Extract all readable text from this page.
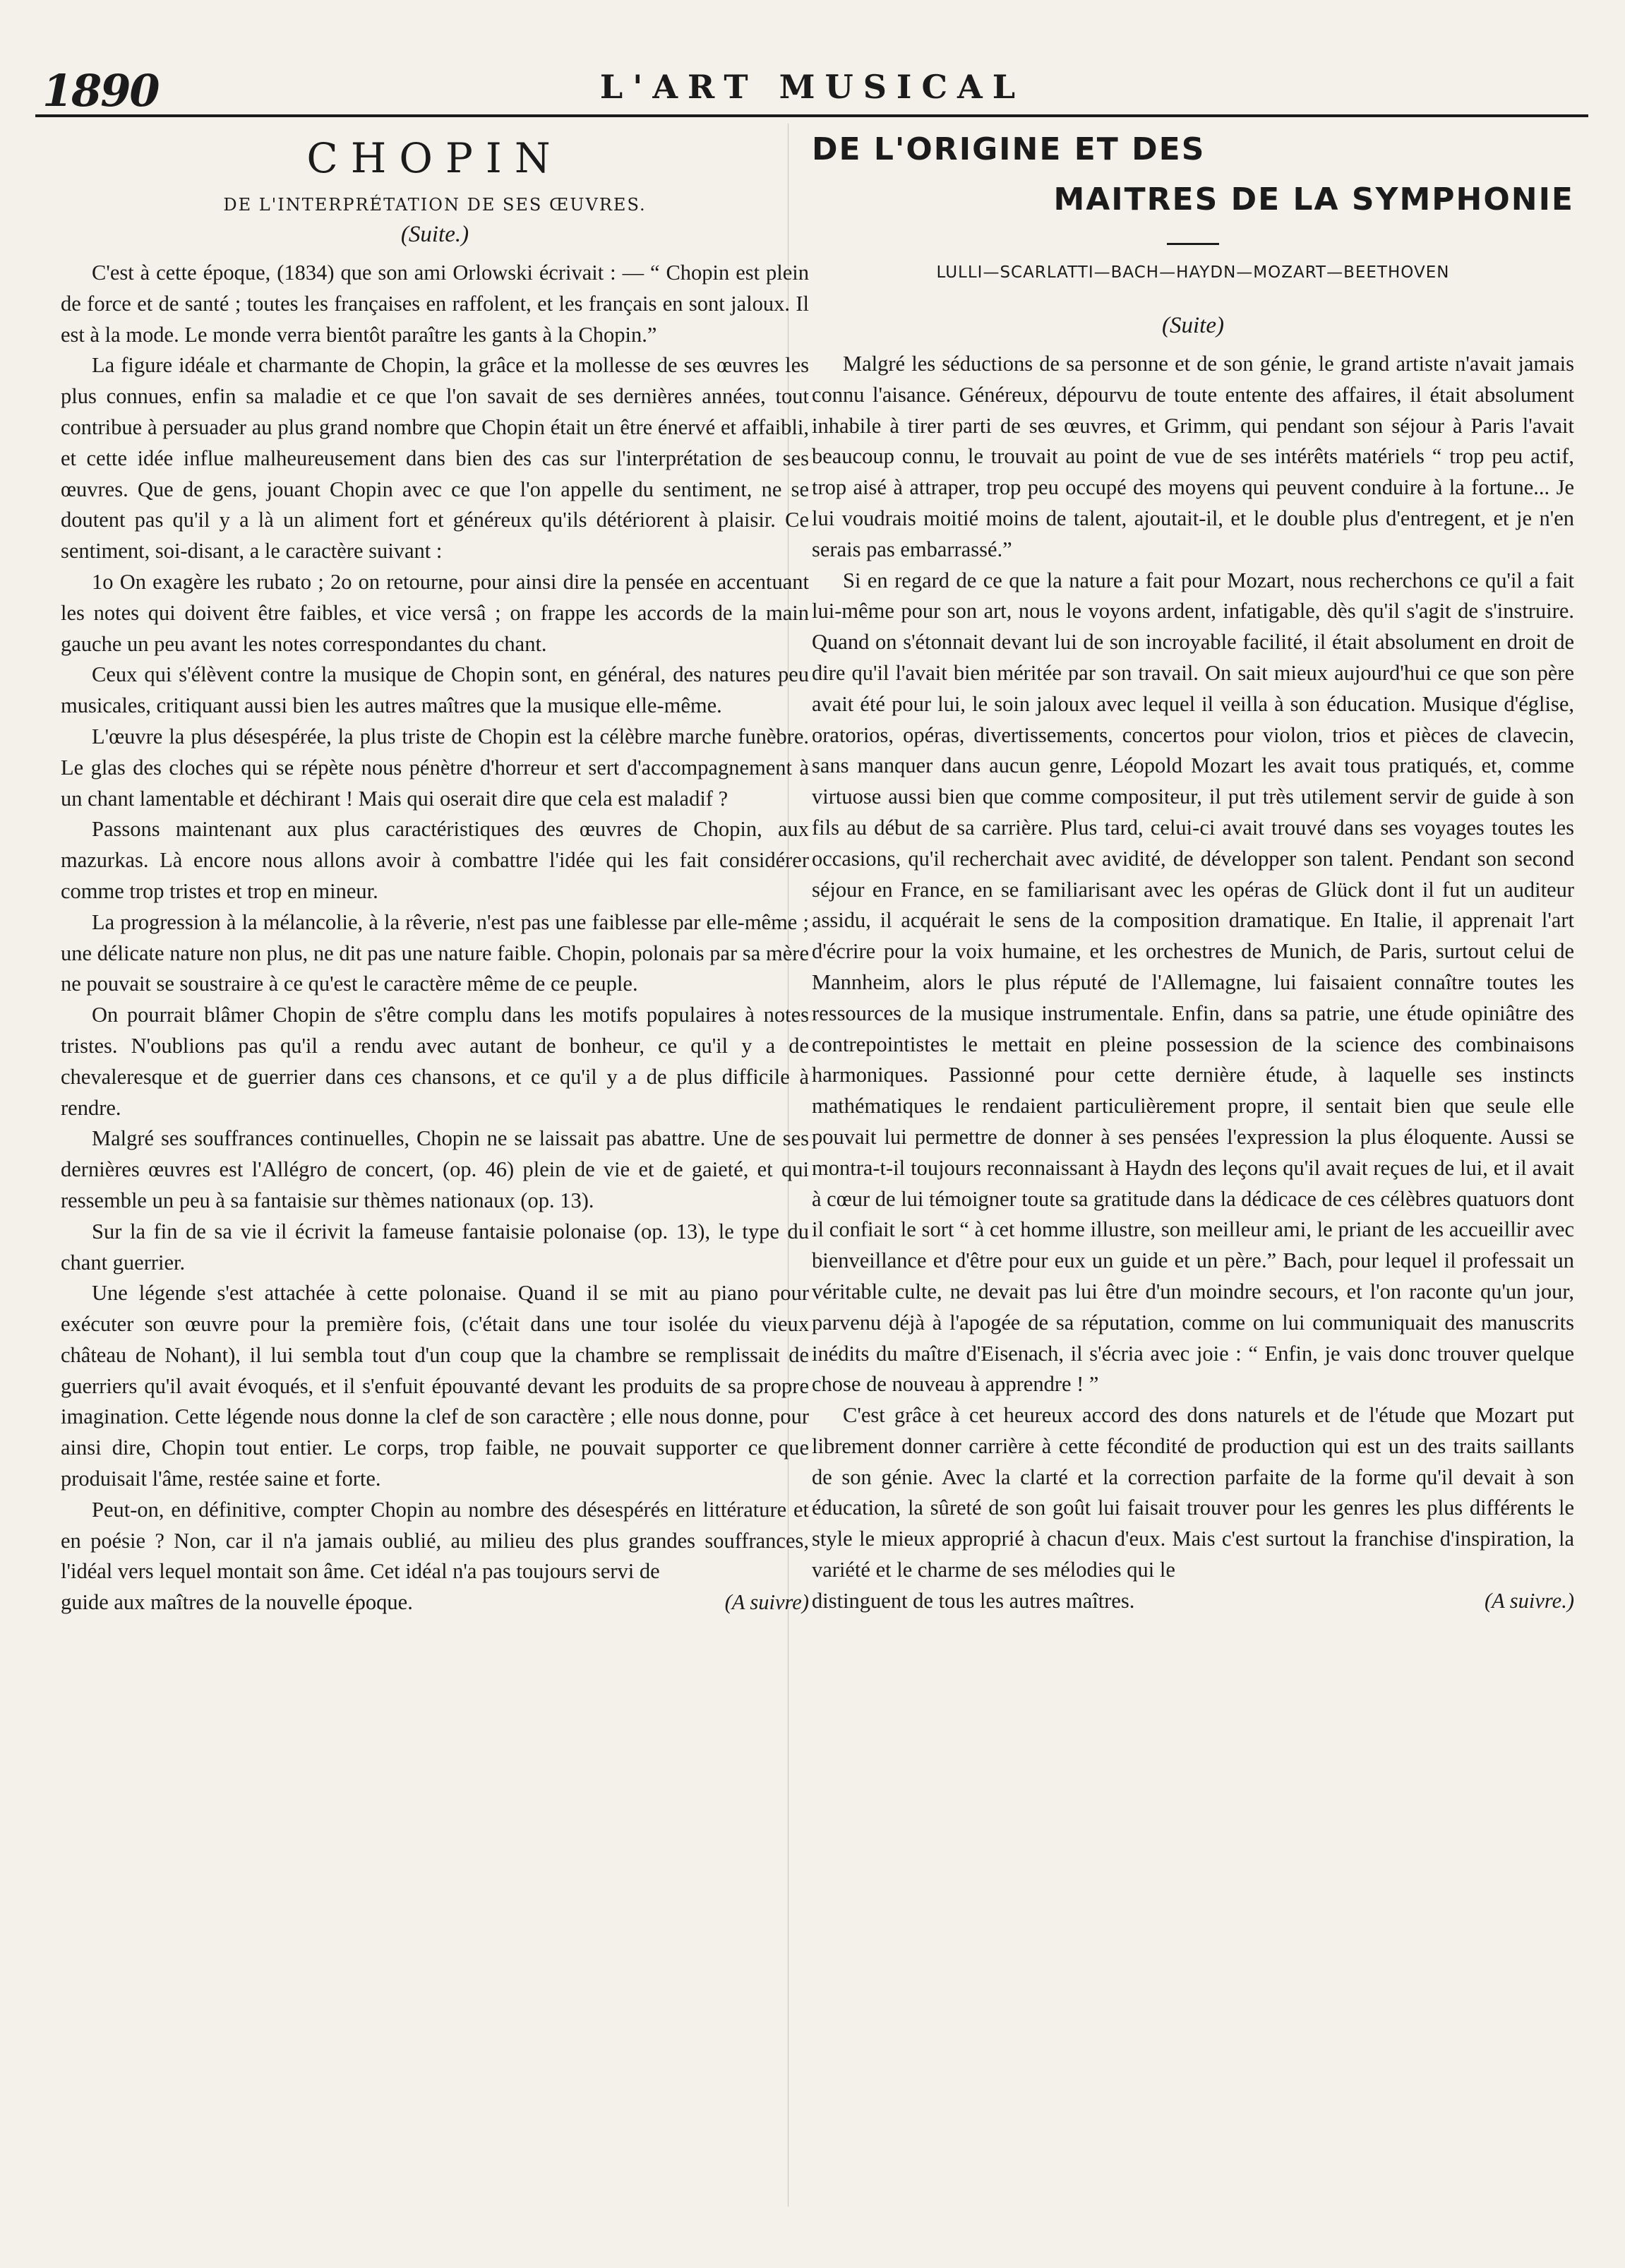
1890	L'ART MUSICAL
CHOPIN
DE L'INTERPRÉTATION DE SES ŒUVRES.
(Suite.)

C'est à cette époque, (1834) que son ami Orlowski écrivait : — “ Chopin est plein de force et de santé ; toutes les françaises en raffolent, et les français en sont jaloux. Il est à la mode. Le monde verra bientôt paraître les gants à la Chopin.”

La figure idéale et charmante de Chopin, la grâce et la mollesse de ses œuvres les plus connues, enfin sa maladie et ce que l'on savait de ses dernières années, tout contribue à persuader au plus grand nombre que Chopin était un être énervé et affaibli, et cette idée influe malheureusement dans bien des cas sur l'interprétation de ses œuvres. Que de gens, jouant Chopin avec ce que l'on appelle du sentiment, ne se doutent pas qu'il y a là un aliment fort et généreux qu'ils détériorent à plaisir. Ce sentiment, soi-disant, a le caractère suivant :

1o On exagère les rubato ; 2o on retourne, pour ainsi dire la pensée en accentuant les notes qui doivent être faibles, et vice versâ ; on frappe les accords de la main gauche un peu avant les notes correspondantes du chant.

Ceux qui s'élèvent contre la musique de Chopin sont, en général, des natures peu musicales, critiquant aussi bien les autres maîtres que la musique elle-même.

L'œuvre la plus désespérée, la plus triste de Chopin est la célèbre marche funèbre. Le glas des cloches qui se répète nous pénètre d'horreur et sert d'accompagnement à un chant lamentable et déchirant ! Mais qui oserait dire que cela est maladif ?

Passons maintenant aux plus caractéristiques des œuvres de Chopin, aux mazurkas. Là encore nous allons avoir à combattre l'idée qui les fait considérer comme trop tristes et trop en mineur.

La progression à la mélancolie, à la rêverie, n'est pas une faiblesse par elle-même ; une délicate nature non plus, ne dit pas une nature faible. Chopin, polonais par sa mère ne pouvait se soustraire à ce qu'est le caractère même de ce peuple.

On pourrait blâmer Chopin de s'être complu dans les motifs populaires à notes tristes. N'oublions pas qu'il a rendu avec autant de bonheur, ce qu'il y a de chevaleresque et de guerrier dans ces chansons, et ce qu'il y a de plus difficile à rendre.

Malgré ses souffrances continuelles, Chopin ne se laissait pas abattre. Une de ses dernières œuvres est l'Allégro de concert, (op. 46) plein de vie et de gaieté, et qui ressemble un peu à sa fantaisie sur thèmes nationaux (op. 13).

Sur la fin de sa vie il écrivit la fameuse fantaisie polonaise (op. 13), le type du chant guerrier.

Une légende s'est attachée à cette polonaise. Quand il se mit au piano pour exécuter son œuvre pour la première fois, (c'était dans une tour isolée du vieux château de Nohant), il lui sembla tout d'un coup que la chambre se remplissait de guerriers qu'il avait évoqués, et il s'enfuit épouvanté devant les produits de sa propre imagination. Cette légende nous donne la clef de son caractère ; elle nous donne, pour ainsi dire, Chopin tout entier. Le corps, trop faible, ne pouvait supporter ce que produisait l'âme, restée saine et forte.

Peut-on, en définitive, compter Chopin au nombre des désespérés en littérature et en poésie ? Non, car il n'a jamais oublié, au milieu des plus grandes souffrances, l'idéal vers lequel montait son âme. Cet idéal n'a pas toujours servi de

guide aux maîtres de la nouvelle époque.	(A suivre)
DE L'ORIGINE ET DES
MAITRES DE LA SYMPHONIE
LULLI—SCARLATTI—BACH—HAYDN—MOZART—BEETHOVEN
(Suite)

Malgré les séductions de sa personne et de son génie, le grand artiste n'avait jamais connu l'aisance. Généreux, dépourvu de toute entente des affaires, il était absolument inhabile à tirer parti de ses œuvres, et Grimm, qui pendant son séjour à Paris l'avait beaucoup connu, le trouvait au point de vue de ses intérêts matériels “ trop peu actif, trop aisé à attraper, trop peu occupé des moyens qui peuvent conduire à la fortune... Je lui voudrais moitié moins de talent, ajoutait-il, et le double plus d'entregent, et je n'en serais pas embarrassé.”

Si en regard de ce que la nature a fait pour Mozart, nous recherchons ce qu'il a fait lui-même pour son art, nous le voyons ardent, infatigable, dès qu'il s'agit de s'instruire. Quand on s'étonnait devant lui de son incroyable facilité, il était absolument en droit de dire qu'il l'avait bien méritée par son travail. On sait mieux aujourd'hui ce que son père avait été pour lui, le soin jaloux avec lequel il veilla à son éducation. Musique d'église, oratorios, opéras, divertissements, concertos pour violon, trios et pièces de clavecin, sans manquer dans aucun genre, Léopold Mozart les avait tous pratiqués, et, comme virtuose aussi bien que comme compositeur, il put très utilement servir de guide à son fils au début de sa carrière. Plus tard, celui-ci avait trouvé dans ses voyages toutes les occasions, qu'il recherchait avec avidité, de développer son talent. Pendant son second séjour en France, en se familiarisant avec les opéras de Glück dont il fut un auditeur assidu, il acquérait le sens de la composition dramatique. En Italie, il apprenait l'art d'écrire pour la voix humaine, et les orchestres de Munich, de Paris, surtout celui de Mannheim, alors le plus réputé de l'Allemagne, lui faisaient connaître toutes les ressources de la musique instrumentale. Enfin, dans sa patrie, une étude opiniâtre des contrepointistes le mettait en pleine possession de la science des combinaisons harmoniques. Passionné pour cette dernière étude, à laquelle ses instincts mathématiques le rendaient particulièrement propre, il sentait bien que seule elle pouvait lui permettre de donner à ses pensées l'expression la plus éloquente. Aussi se montra-t-il toujours reconnaissant à Haydn des leçons qu'il avait reçues de lui, et il avait à cœur de lui témoigner toute sa gratitude dans la dédicace de ces célèbres quatuors dont il confiait le sort “ à cet homme illustre, son meilleur ami, le priant de les accueillir avec bienveillance et d'être pour eux un guide et un père.” Bach, pour lequel il professait un véritable culte, ne devait pas lui être d'un moindre secours, et l'on raconte qu'un jour, parvenu déjà à l'apogée de sa réputation, comme on lui communiquait des manuscrits inédits du maître d'Eisenach, il s'écria avec joie : “ Enfin, je vais donc trouver quelque chose de nouveau à apprendre ! ”

C'est grâce à cet heureux accord des dons naturels et de l'étude que Mozart put librement donner carrière à cette fécondité de production qui est un des traits saillants de son génie. Avec la clarté et la correction parfaite de la forme qu'il devait à son éducation, la sûreté de son goût lui faisait trouver pour les genres les plus différents le style le mieux approprié à chacun d'eux. Mais c'est surtout la franchise d'inspiration, la variété et le charme de ses mélodies qui le

distinguent de tous les autres maîtres.	(A suivre.)
